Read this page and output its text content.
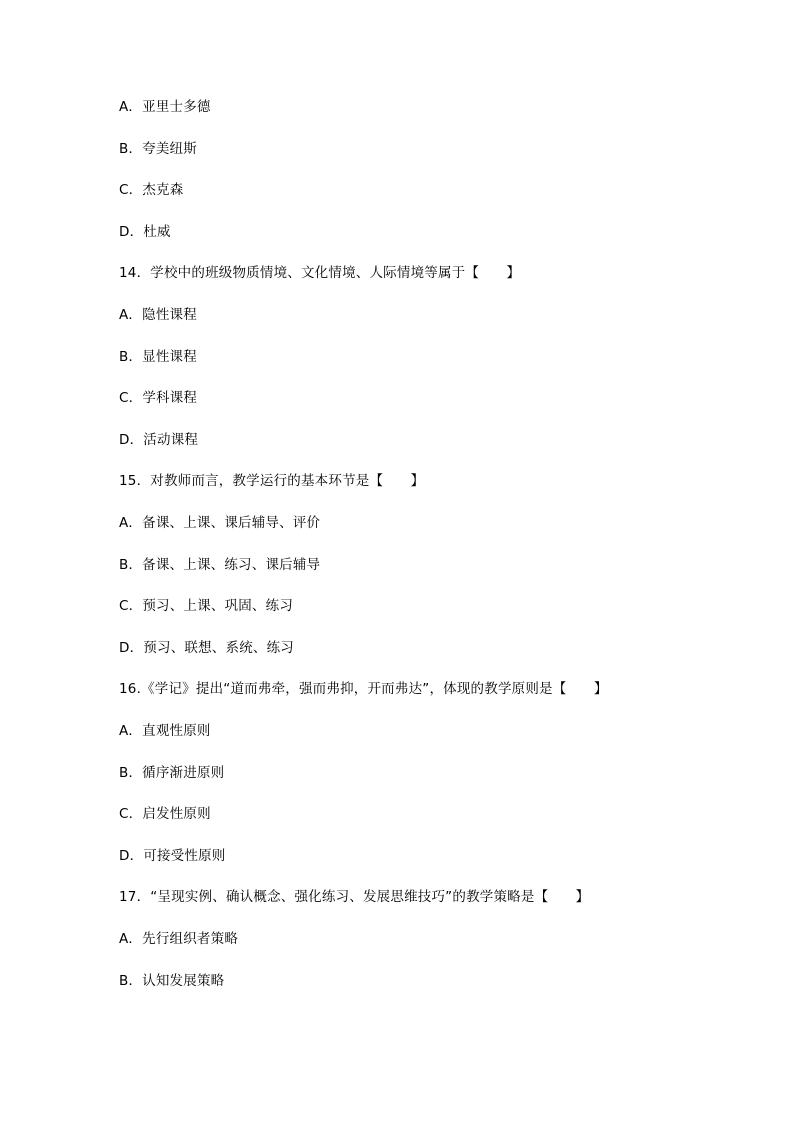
A．亚里士多德
B．夸美纽斯
C．杰克森
D．杜威
14．学校中的班级物质情境、文化情境、人际情境等属于【　　】
A．隐性课程
B．显性课程
C．学科课程
D．活动课程
15．对教师而言，教学运行的基本环节是【　　】
A．备课、上课、课后辅导、评价
B．备课、上课、练习、课后辅导
C．预习、上课、巩固、练习
D．预习、联想、系统、练习
16.《学记》提出“道而弗牵，强而弗抑，开而弗达”，体现的教学原则是【　　】
A．直观性原则
B．循序渐进原则
C．启发性原则
D．可接受性原则
17．“呈现实例、确认概念、强化练习、发展思维技巧”的教学策略是【　　】
A．先行组织者策略
B．认知发展策略
